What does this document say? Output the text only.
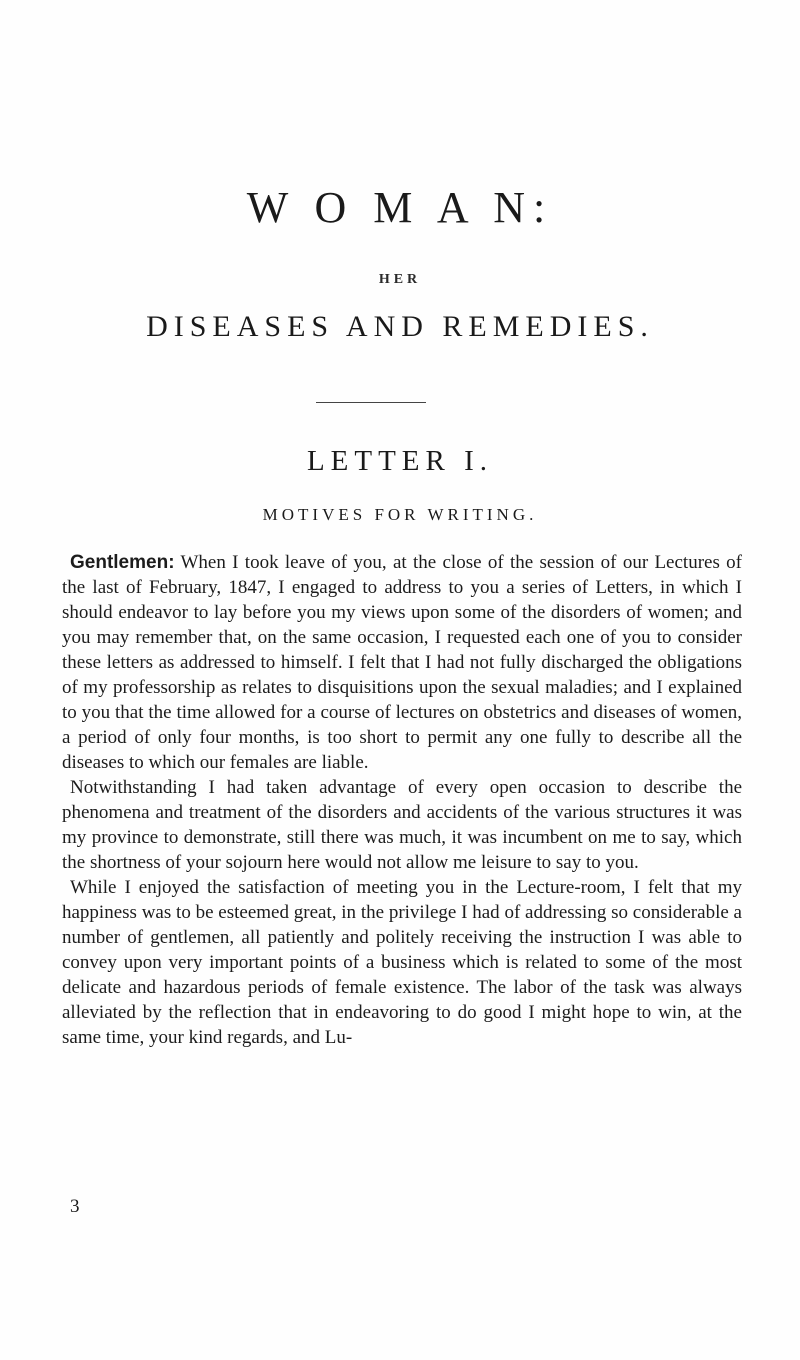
W O M A N:
HER
DISEASES AND REMEDIES.
LETTER I.
MOTIVES FOR WRITING.

Gentlemen: When I took leave of you, at the close of the session of our Lectures of the last of February, 1847, I engaged to address to you a series of Letters, in which I should endeavor to lay before you my views upon some of the disorders of women; and you may remember that, on the same occasion, I requested each one of you to consider these letters as addressed to himself. I felt that I had not fully discharged the obligations of my professorship as relates to disquisitions upon the sexual maladies; and I explained to you that the time allowed for a course of lectures on obstetrics and diseases of women, a period of only four months, is too short to permit any one fully to describe all the diseases to which our females are liable.

Notwithstanding I had taken advantage of every open occasion to describe the phenomena and treatment of the disorders and accidents of the various structures it was my province to demonstrate, still there was much, it was incumbent on me to say, which the shortness of your sojourn here would not allow me leisure to say to you.

While I enjoyed the satisfaction of meeting you in the Lecture-room, I felt that my happiness was to be esteemed great, in the privilege I had of addressing so considerable a number of gentlemen, all patiently and politely receiving the instruction I was able to convey upon very important points of a business which is related to some of the most delicate and hazardous periods of female existence. The labor of the task was always alleviated by the reflection that in endeavoring to do good I might hope to win, at the same time, your kind regards, and Lu-

3
